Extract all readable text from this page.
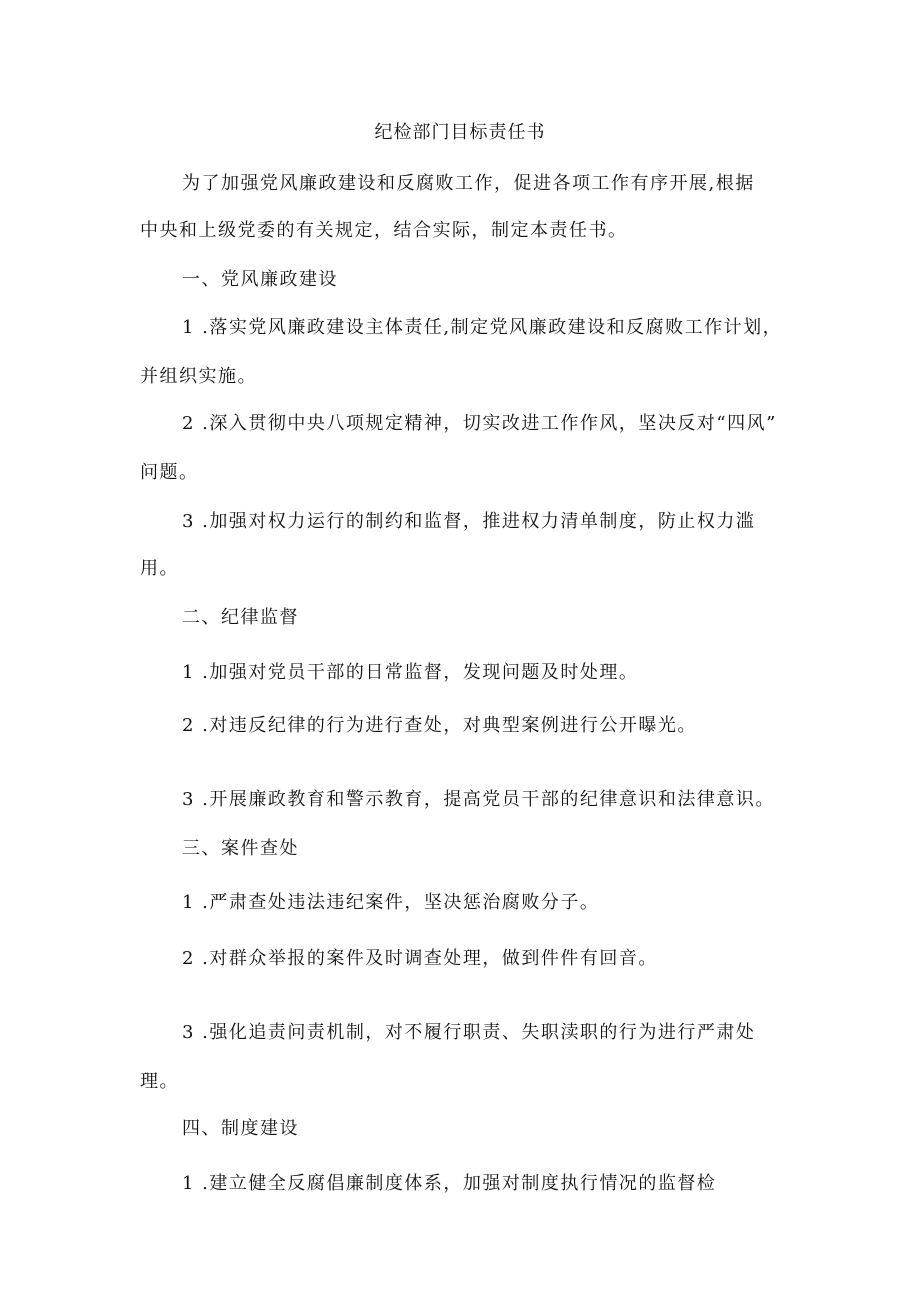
纪检部门目标责任书
为了加强党风廉政建设和反腐败工作，促进各项工作有序开展,根据
中央和上级党委的有关规定，结合实际，制定本责任书。
一、党风廉政建设
1 .落实党风廉政建设主体责任,制定党风廉政建设和反腐败工作计划，
并组织实施。
2 .深入贯彻中央八项规定精神，切实改进工作作风，坚决反对“四风”
问题。
3 .加强对权力运行的制约和监督，推进权力清单制度，防止权力滥
用。
二、纪律监督
1 .加强对党员干部的日常监督，发现问题及时处理。
2 .对违反纪律的行为进行查处，对典型案例进行公开曝光。
3 .开展廉政教育和警示教育，提高党员干部的纪律意识和法律意识。
三、案件查处
1 .严肃查处违法违纪案件，坚决惩治腐败分子。
2 .对群众举报的案件及时调查处理，做到件件有回音。
3 .强化追责问责机制，对不履行职责、失职渎职的行为进行严肃处
理。
四、制度建设
1 .建立健全反腐倡廉制度体系，加强对制度执行情况的监督检
